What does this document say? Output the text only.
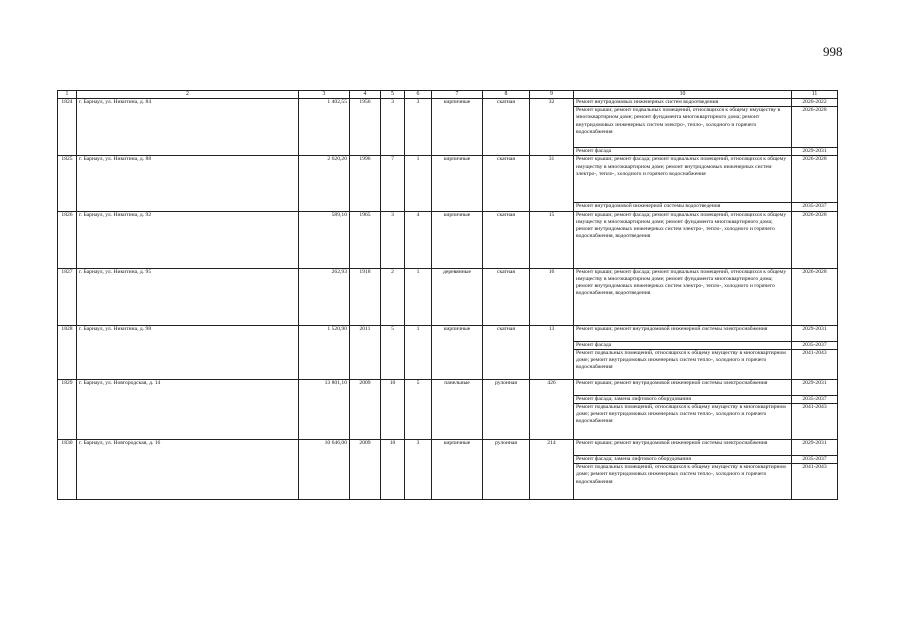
998
1	2	3	4	5	6	7	8	9	10	11
1824	г. Барнаул, ул. Никитина, д. 84	1 402,55	1956	3	3	кирпичные	скатная	32	Ремонт внутридомовых инженерных систем водоотведения	2020-2022
									Ремонт крыши; ремонт подвальных помещений, относящихся к общему имуществу в многоквартирном доме; ремонт фундамента многоквартирного дома; ремонт внутридомовых инженерных систем электро-, тепло-, холодного и горячего водоснабжения	2026-2028
									Ремонт фасада	2029-2031
1825	г. Барнаул, ул. Никитина, д. 88	2 620,20	1996	7	1	кирпичные	скатная	31	Ремонт крыши; ремонт фасада; ремонт подвальных помещений, относящихся к общему имуществу в многоквартирном доме; ремонт внутридомовых инженерных систем электро-, тепло-, холодного и горячего водоснабжения	2026-2028
									Ремонт внутридомовой инженерной системы водоотведения	2035-2037
1826	г. Барнаул, ул. Никитина, д. 92	589,10	1965	3	4	кирпичные	скатная	15	Ремонт крыши; ремонт фасада; ремонт подвальных помещений, относящихся к общему имуществу в многоквартирном доме; ремонт фундамента многоквартирного дома; ремонт внутридомовых инженерных систем электро-, тепло-, холодного и горячего водоснабжения, водоотведения	2026-2028
1827	г. Барнаул, ул. Никитина, д. 95	262,93	1918	2	1	деревянные	скатная	16	Ремонт крыши; ремонт фасада; ремонт подвальных помещений, относящихся к общему имуществу в многоквартирном доме; ремонт фундамента многоквартирного дома; ремонт внутридомовых инженерных систем электро-, тепло-, холодного и горячего водоснабжения, водоотведения	2026-2028
1828	г. Барнаул, ул. Никитина, д. 98	1 520,90	2011	5	1	кирпичные	скатная	13	Ремонт крыши; ремонт внутридомовой инженерной системы электроснабжения	2029-2031
									Ремонт фасада	2035-2037
									Ремонт подвальных помещений, относящихся к общему имуществу в многоквартирном доме; ремонт внутридомовых инженерных систем тепло-, холодного и горячего водоснабжения	2041-2043
1829	г. Барнаул, ул. Новгородская, д. 14	13 801,10	2009	10	5	панельные	рулонная	426	Ремонт крыши; ремонт внутридомовой инженерной системы электроснабжения	2029-2031
									Ремонт фасада; замена лифтового оборудования	2035-2037
									Ремонт подвальных помещений, относящихся к общему имуществу в многоквартирном доме; ремонт внутридомовых инженерных систем тепло-, холодного и горячего водоснабжения	2041-2043
1830	г. Барнаул, ул. Новгородская, д. 16	10 646,00	2009	10	3	кирпичные	рулонная	214	Ремонт крыши; ремонт внутридомовой инженерной системы электроснабжения	2029-2031
									Ремонт фасада; замена лифтового оборудования	2035-2037
									Ремонт подвальных помещений, относящихся к общему имуществу в многоквартирном доме; ремонт внутридомовых инженерных систем тепло-, холодного и горячего водоснабжения	2041-2043
